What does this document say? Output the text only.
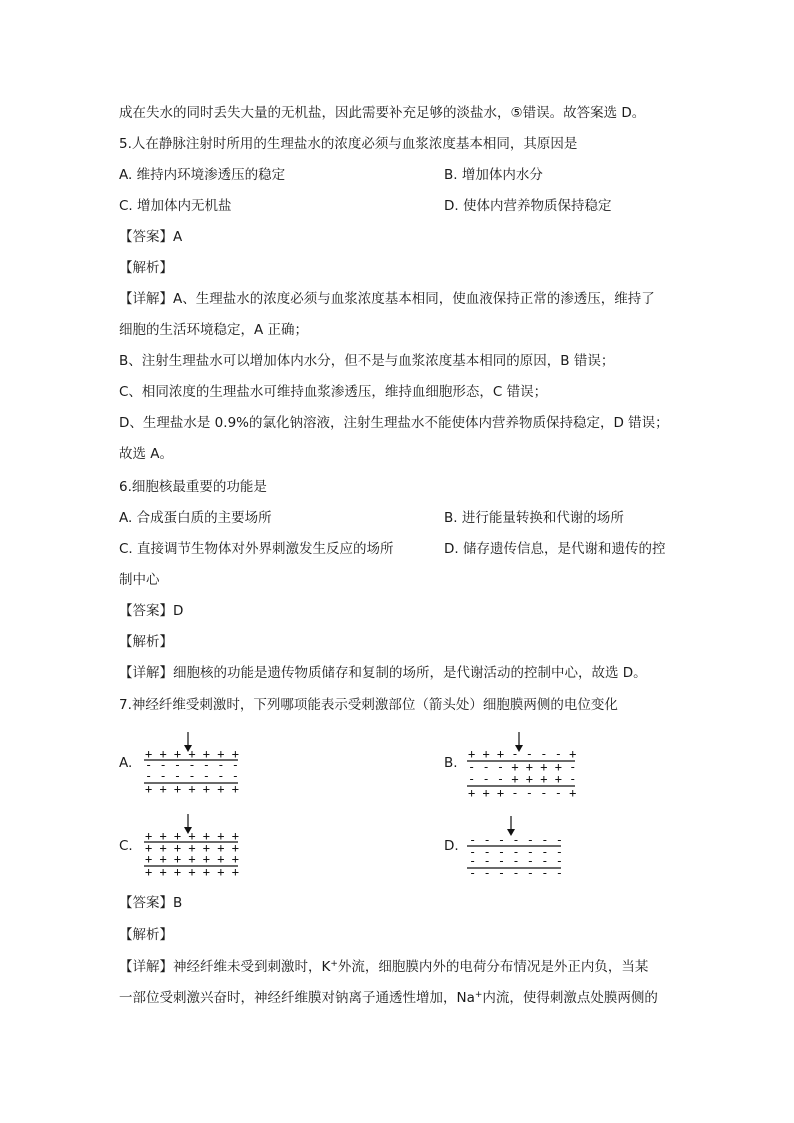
成在失水的同时丢失大量的无机盐，因此需要补充足够的淡盐水，⑤错误。故答案选 D。
5.人在静脉注射时所用的生理盐水的浓度必须与血浆浓度基本相同，其原因是
A. 维持内环境渗透压的稳定	B. 增加体内水分
C. 增加体内无机盐	D. 使体内营养物质保持稳定
【答案】A
【解析】
【详解】A、生理盐水的浓度必须与血浆浓度基本相同，使血液保持正常的渗透压，维持了
细胞的生活环境稳定，A 正确；
B、注射生理盐水可以增加体内水分，但不是与血浆浓度基本相同的原因，B 错误；
C、相同浓度的生理盐水可维持血浆渗透压，维持血细胞形态，C 错误；
D、生理盐水是 0.9%的氯化钠溶液，注射生理盐水不能使体内营养物质保持稳定，D 错误；
故选 A。
6.细胞核最重要的功能是
A. 合成蛋白质的主要场所	B. 进行能量转换和代谢的场所
C. 直接调节生物体对外界刺激发生反应的场所	D. 储存遗传信息，是代谢和遗传的控
制中心
【答案】D
【解析】
【详解】细胞核的功能是遗传物质储存和复制的场所，是代谢活动的控制中心，故选 D。
7.神经纤维受刺激时，下列哪项能表示受刺激部位（箭头处）细胞膜两侧的电位变化
A.
+ + + + + + +
- - - - - - -
- - - - - - -
+ + + + + + +
B.
+ + + - - - - +
- - - + + + + -
- - - + + + + -
+ + + - - - - +
C.
+ + + + + + +
+ + + + + + +
+ + + + + + +
+ + + + + + +
D. - - - - - - -
- - - - - - -
- - - - - - -
- - - - - - -
【答案】B
【解析】
【详解】神经纤维未受到刺激时，K+外流，细胞膜内外的电荷分布情况是外正内负，当某
一部位受刺激兴奋时，神经纤维膜对钠离子通透性增加，Na+内流，使得刺激点处膜两侧的
